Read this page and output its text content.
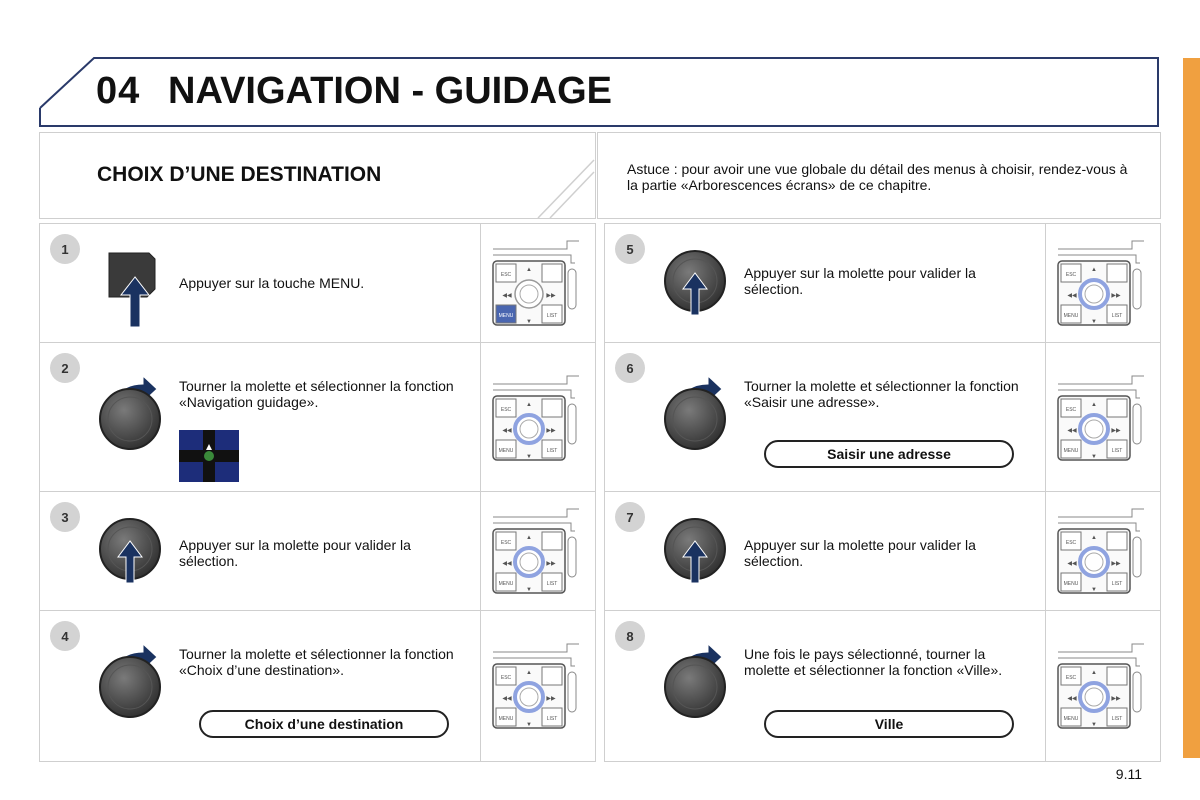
04 NAVIGATION - GUIDAGE
CHOIX D’UNE DESTINATION	Astuce : pour avoir une vue globale du détail des menus à choisir, rendez-vous à la partie «Arborescences écrans» de ce chapitre.
1
Appuyer sur la touche MENU.	ESC
MENU	LIST
▲
▼
◀◀	▶▶
2
Tourner la molette et sélectionner la fonction «Navigation guidage».	ESC
MENU	LIST
▲
▼
◀◀	▶▶
3
Appuyer sur la molette pour valider la sélection.
ESC
MENU	LIST
▲
▼
◀◀	▶▶
4
Tourner la molette et sélectionner la fonction «Choix d’une destination».
Choix d’une destination
ESC
MENU	LIST
▲
▼
◀◀	▶▶
5
Appuyer sur la molette pour valider la sélection.
ESC
MENU	LIST
▲
▼
◀◀	▶▶
6
Tourner la molette et sélectionner la fonction «Saisir une adresse».
Saisir une adresse
ESC
MENU	LIST
▲
▼
◀◀	▶▶
7
Appuyer sur la molette pour valider la sélection.
ESC
MENU	LIST
▲
▼
◀◀	▶▶
8
Une fois le pays sélectionné, tourner la molette et sélectionner la fonction «Ville».
Ville
ESC
MENU	LIST
▲
▼
◀◀	▶▶
9.11
